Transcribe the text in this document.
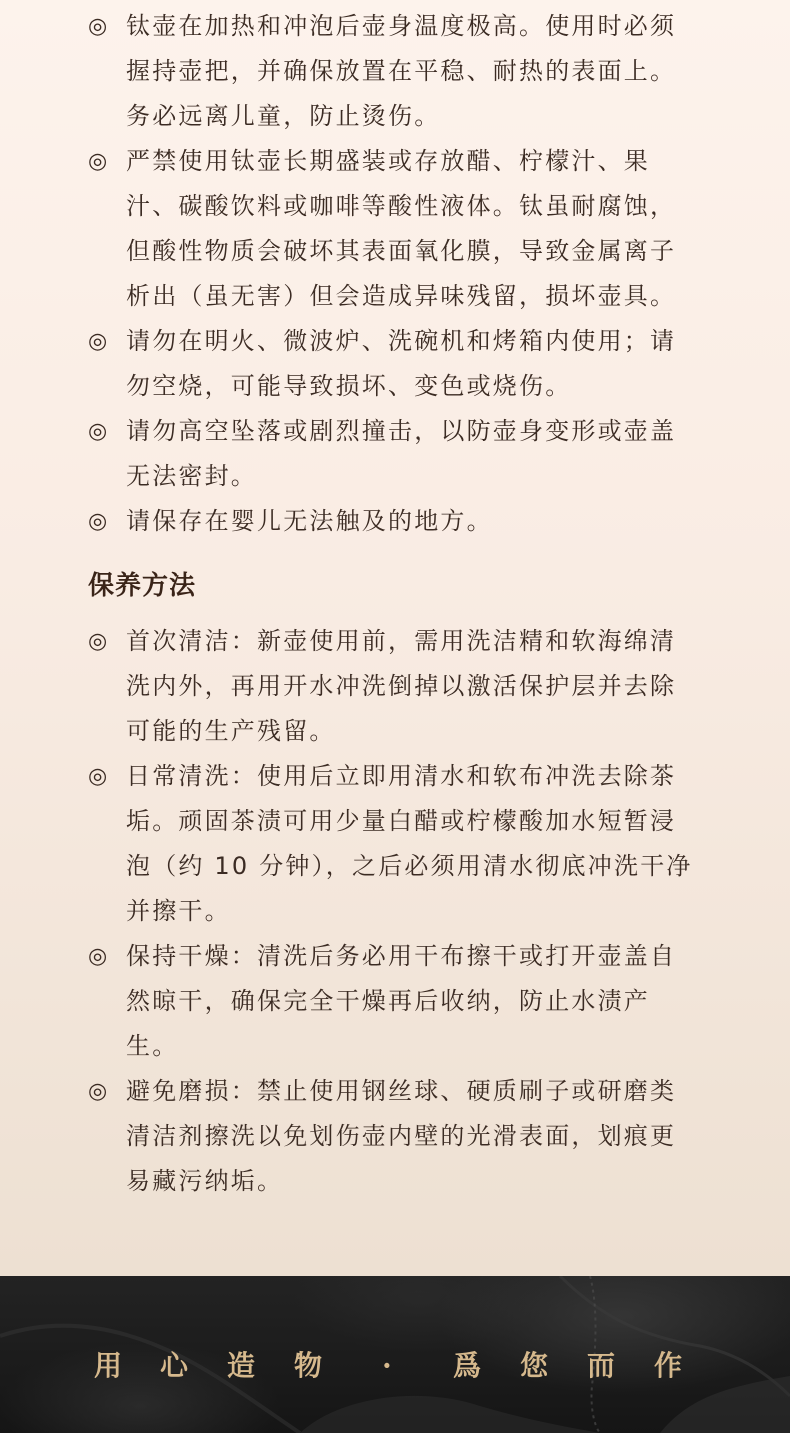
◎ 钛壶在加热和冲泡后壶身温度极高。使用时必须握持壶把，并确保放置在平稳、耐热的表面上。务必远离儿童，防止烫伤。
◎ 严禁使用钛壶长期盛装或存放醋、柠檬汁、果汁、碳酸饮料或咖啡等酸性液体。钛虽耐腐蚀，但酸性物质会破坏其表面氧化膜，导致金属离子析出（虽无害）但会造成异味残留，损坏壶具。
◎ 请勿在明火、微波炉、洗碗机和烤箱内使用；请勿空烧，可能导致损坏、变色或烧伤。
◎ 请勿高空坠落或剧烈撞击，以防壶身变形或壶盖无法密封。
◎ 请保存在婴儿无法触及的地方。
保养方法
◎ 首次清洁：新壶使用前，需用洗洁精和软海绵清洗内外，再用开水冲洗倒掉以激活保护层并去除可能的生产残留。
◎ 日常清洗：使用后立即用清水和软布冲洗去除茶垢。顽固茶渍可用少量白醋或柠檬酸加水短暂浸泡（约 10 分钟），之后必须用清水彻底冲洗干净并擦干。
◎ 保持干燥：清洗后务必用干布擦干或打开壶盖自然晾干，确保完全干燥再后收纳，防止水渍产生。
◎ 避免磨损：禁止使用钢丝球、硬质刷子或研磨类清洁剂擦洗以免划伤壶内壁的光滑表面，划痕更易藏污纳垢。
用 心 造 物 · 爲 您 而 作
